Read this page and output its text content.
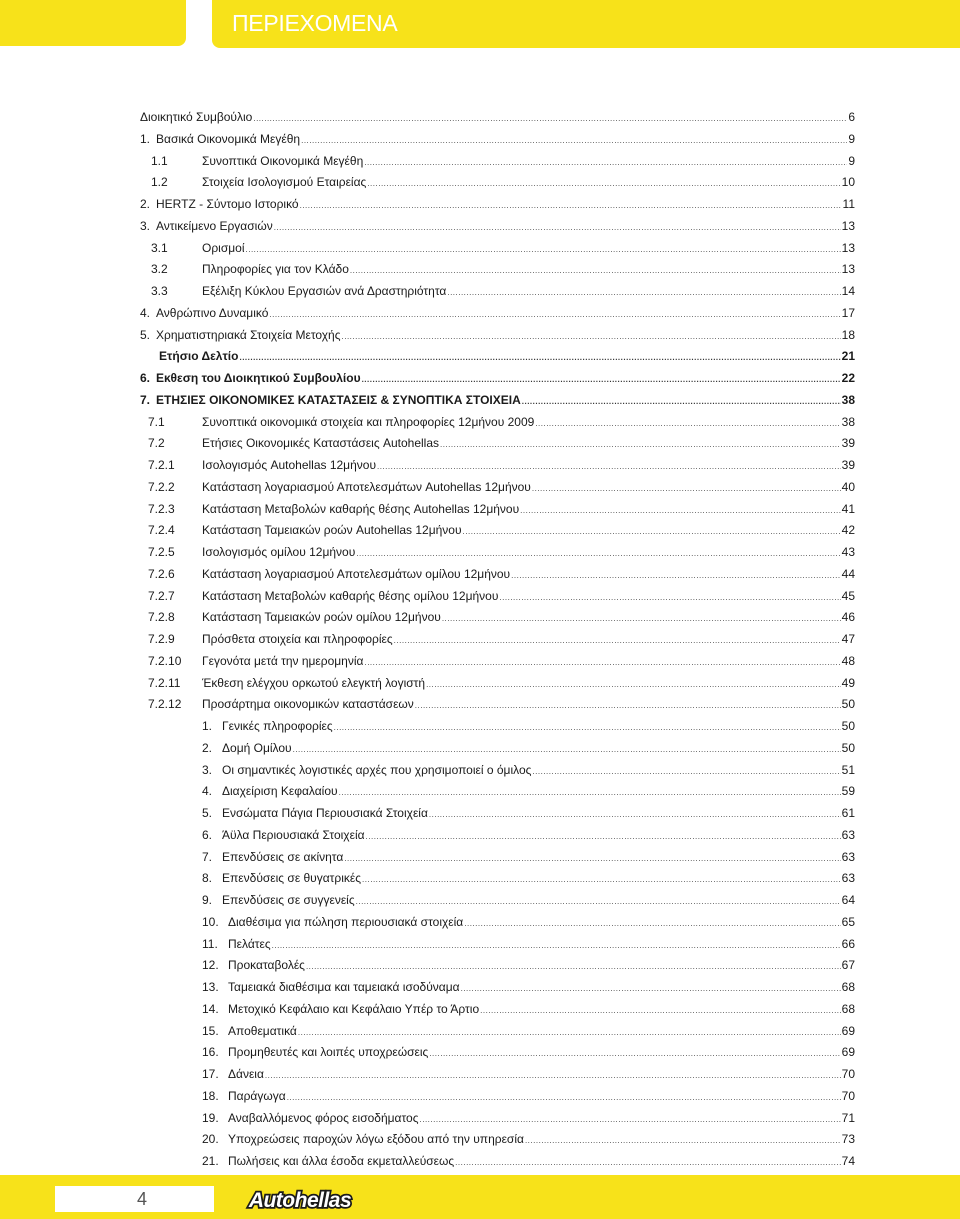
ΠΕΡΙΕΧΟΜΕΝΑ
Διοικητικό Συμβούλιο .....	6
1. Βασικά Οικονομικά Μεγέθη .....	9
1.1	Συνοπτικά Οικονομικά Μεγέθη .....	9
1.2	Στοιχεία Ισολογισμού Εταιρείας .....	10
2. HERTZ - Σύντομο Ιστορικό .....	11
3. Αντικείμενο Εργασιών .....	13
3.1	Ορισμοί .....	13
3.2	Πληροφορίες για τον Κλάδο .....	13
3.3	Εξέλιξη Κύκλου Εργασιών ανά Δραστηριότητα .....	14
4. Ανθρώπινο Δυναμικό .....	17
5. Χρηματιστηριακά Στοιχεία Μετοχής .....	18
Ετήσιο Δελτίο .....	21
6. Εκθεση του Διοικητικού Συμβουλίου .....	22
7. ΕΤΗΣΙΕΣ ΟΙΚΟΝΟΜΙΚΕΣ ΚΑΤΑΣΤΑΣΕΙΣ & ΣΥΝΟΠΤΙΚΑ ΣΤΟΙΧΕΙΑ .....	38
7.1	Συνοπτικά οικονομικά στοιχεία και πληροφορίες 12μήνου 2009 .....	38
7.2	Ετήσιες Οικονομικές Καταστάσεις Autohellas .....	39
7.2.1	Ισολογισμός Autohellas 12μήνου .....	39
7.2.2	Κατάσταση λογαριασμού Αποτελεσμάτων Autohellas 12μήνου .....	40
7.2.3	Κατάσταση Μεταβολών καθαρής θέσης Autohellas 12μήνου .....	41
7.2.4	Κατάσταση Ταμειακών ροών Autohellas 12μήνου .....	42
7.2.5	Ισολογισμός ομίλου 12μήνου .....	43
7.2.6	Κατάσταση λογαριασμού Αποτελεσμάτων ομίλου 12μήνου .....	44
7.2.7	Κατάσταση Μεταβολών καθαρής θέσης ομίλου 12μήνου .....	45
7.2.8	Κατάσταση Ταμειακών ροών ομίλου 12μήνου .....	46
7.2.9	Πρόσθετα στοιχεία και πληροφορίες .....	47
7.2.10	Γεγονότα μετά την ημερομηνία .....	48
7.2.11	Έκθεση ελέγχου ορκωτού ελεγκτή λογιστή .....	49
7.2.12	Προσάρτημα οικονομικών καταστάσεων .....	50
1. Γενικές πληροφορίες .....	50
2. Δομή Ομίλου .....	50
3. Οι σημαντικές λογιστικές αρχές που χρησιμοποιεί ο όμιλος .....	51
4. Διαχείριση Κεφαλαίου .....	59
5. Ενσώματα Πάγια Περιουσιακά Στοιχεία .....	61
6. Άϋλα Περιουσιακά Στοιχεία .....	63
7. Επενδύσεις σε ακίνητα .....	63
8. Επενδύσεις σε θυγατρικές .....	63
9. Επενδύσεις σε συγγενείς .....	64
10. Διαθέσιμα για πώληση περιουσιακά στοιχεία .....	65
11. Πελάτες .....	66
12. Προκαταβολές .....	67
13. Ταμειακά διαθέσιμα και ταμειακά ισοδύναμα .....	68
14. Μετοχικό Κεφάλαιο και Κεφάλαιο Υπέρ το Άρτιο .....	68
15. Αποθεματικά .....	69
16. Προμηθευτές και λοιπές υποχρεώσεις .....	69
17. Δάνεια .....	70
18. Παράγωγα .....	70
19. Αναβαλλόμενος φόρος εισοδήματος .....	71
20. Υποχρεώσεις παροχών λόγω εξόδου από την υπηρεσία .....	73
21. Πωλήσεις και άλλα έσοδα εκμεταλλεύσεως .....	74
.....
4	Autohellas
